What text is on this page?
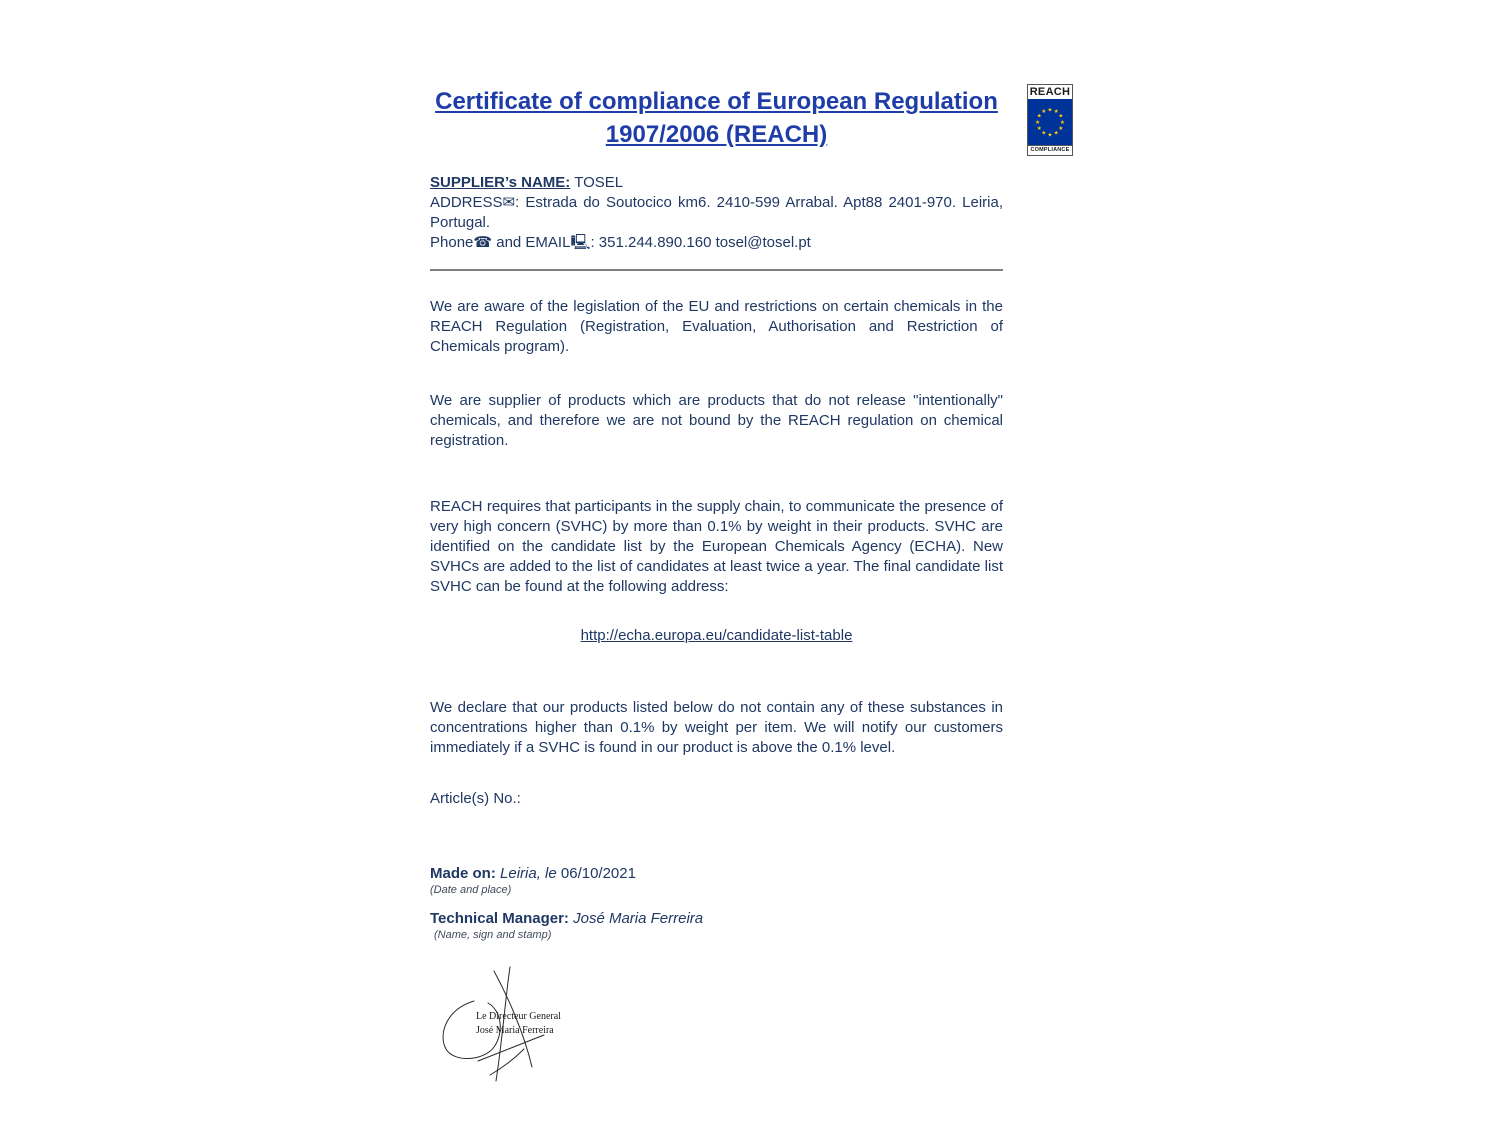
REACH
★ ★
★
★
★
★
★
★
★
★
★
★
COMPLIANCE
Certificate of compliance of European Regulation
1907/2006 (REACH)
SUPPLIER’s NAME: TOSEL
ADDRESS✉: Estrada do Soutocico km6. 2410-599 Arrabal. Apt88 2401-970. Leiria, Portugal.
Phone☎ and EMAIL🖳: 351.244.890.160 tosel@tosel.pt

We are aware of the legislation of the EU and restrictions on certain chemicals in the REACH Regulation (Registration, Evaluation, Authorisation and Restriction of Chemicals program).

We are supplier of products which are products that do not release "intentionally" chemicals, and therefore we are not bound by the REACH regulation on chemical registration.

REACH requires that participants in the supply chain, to communicate the presence of very high concern (SVHC) by more than 0.1% by weight in their products. SVHC are identified on the candidate list by the European Chemicals Agency (ECHA). New SVHCs are added to the list of candidates at least twice a year. The final candidate list SVHC can be found at the following address:

http://echa.europa.eu/candidate-list-table

We declare that our products listed below do not contain any of these substances in concentrations higher than 0.1% by weight per item. We will notify our customers immediately if a SVHC is found in our product is above the 0.1% level.

Article(s) No.:
Made on: Leiria, le 06/10/2021
(Date and place)
Technical Manager: José Maria Ferreira
(Name, sign and stamp)
Le Directeur General
José Maria Ferreira
